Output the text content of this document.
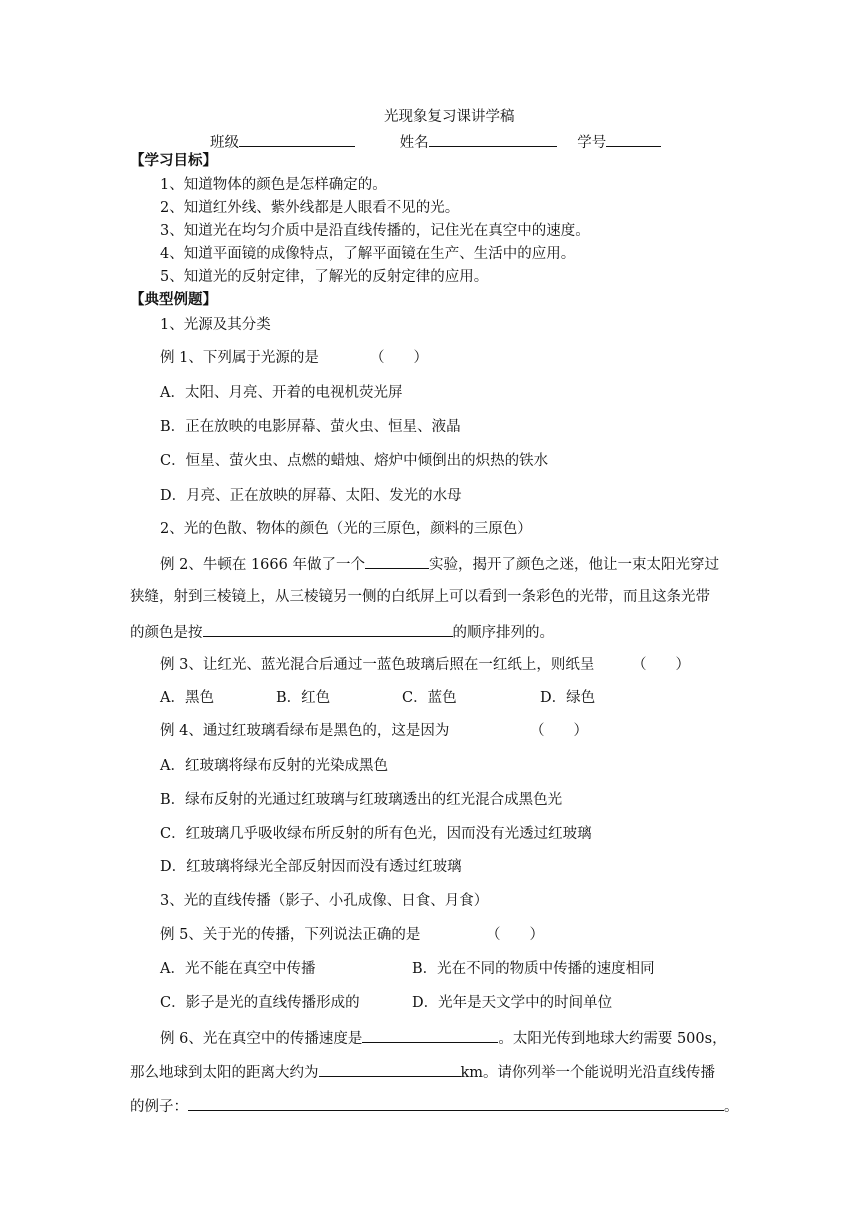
光现象复习课讲学稿
班级	姓名	学号
【学习目标】
1、知道物体的颜色是怎样确定的。
2、知道红外线、紫外线都是人眼看不见的光。
3、知道光在均匀介质中是沿直线传播的，记住光在真空中的速度。
4、知道平面镜的成像特点，了解平面镜在生产、生活中的应用。
5、知道光的反射定律，了解光的反射定律的应用。
【典型例题】
1、光源及其分类
例 1、下列属于光源的是	（　　）
A．太阳、月亮、开着的电视机荧光屏
B．正在放映的电影屏幕、萤火虫、恒星、液晶
C．恒星、萤火虫、点燃的蜡烛、熔炉中倾倒出的炽热的铁水
D．月亮、正在放映的屏幕、太阳、发光的水母
2、光的色散、物体的颜色（光的三原色，颜料的三原色）
例 2、牛顿在 1666 年做了一个	实验，揭开了颜色之迷，他让一束太阳光穿过
狭缝，射到三棱镜上，从三棱镜另一侧的白纸屏上可以看到一条彩色的光带，而且这条光带
的颜色是按	的顺序排列的。
例 3、让红光、蓝光混合后通过一蓝色玻璃后照在一红纸上，则纸呈	（　　）
A．黑色	B．红色	C．蓝色	D．绿色
例 4、通过红玻璃看绿布是黑色的，这是因为	（　　）
A．红玻璃将绿布反射的光染成黑色
B．绿布反射的光通过红玻璃与红玻璃透出的红光混合成黑色光
C．红玻璃几乎吸收绿布所反射的所有色光，因而没有光透过红玻璃
D．红玻璃将绿光全部反射因而没有透过红玻璃
3、光的直线传播（影子、小孔成像、日食、月食）
例 5、关于光的传播，下列说法正确的是	（　　）
A．光不能在真空中传播	B．光在不同的物质中传播的速度相同
C．影子是光的直线传播形成的	D．光年是天文学中的时间单位
例 6、光在真空中的传播速度是	。太阳光传到地球大约需要 500s，
那么地球到太阳的距离大约为	km。请你列举一个能说明光沿直线传播
的例子：	。
